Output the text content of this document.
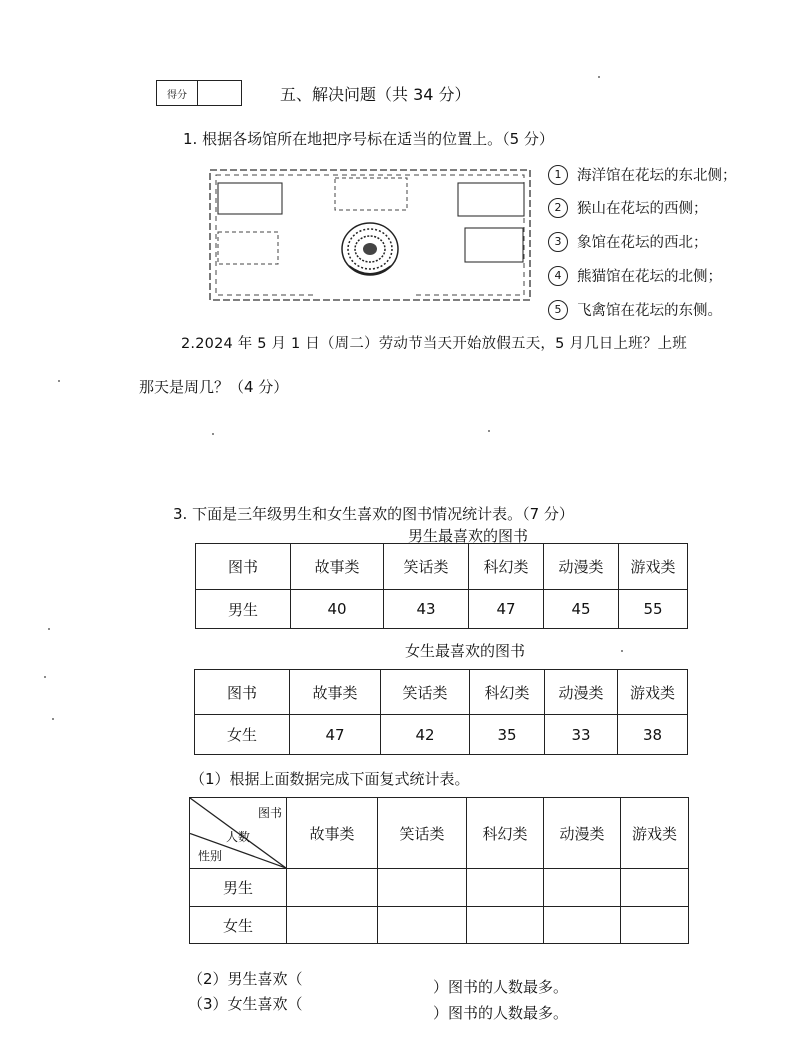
得分	五、解决问题（共 34 分）
1. 根据各场馆所在地把序号标在适当的位置上。（5 分）
1	海洋馆在花坛的东北侧；
2	猴山在花坛的西侧；
3	象馆在花坛的西北；
4	熊猫馆在花坛的北侧；
5	飞禽馆在花坛的东侧。
2.2024 年 5 月 1 日（周二）劳动节当天开始放假五天，5 月几日上班？上班
那天是周几？（4 分）
3. 下面是三年级男生和女生喜欢的图书情况统计表。（7 分）
男生最喜欢的图书
图书	故事类	笑话类	科幻类	动漫类	游戏类
男生	40	43	47	45	55
女生最喜欢的图书
图书	故事类	笑话类	科幻类	动漫类	游戏类
女生	47	42	35	33	38
（1）根据上面数据完成下面复式统计表。
图书
人数
性别	故事类	笑话类	科幻类	动漫类	游戏类
男生					
女生					
（2）男生喜欢（	）图书的人数最多。
（3）女生喜欢（	）图书的人数最多。
